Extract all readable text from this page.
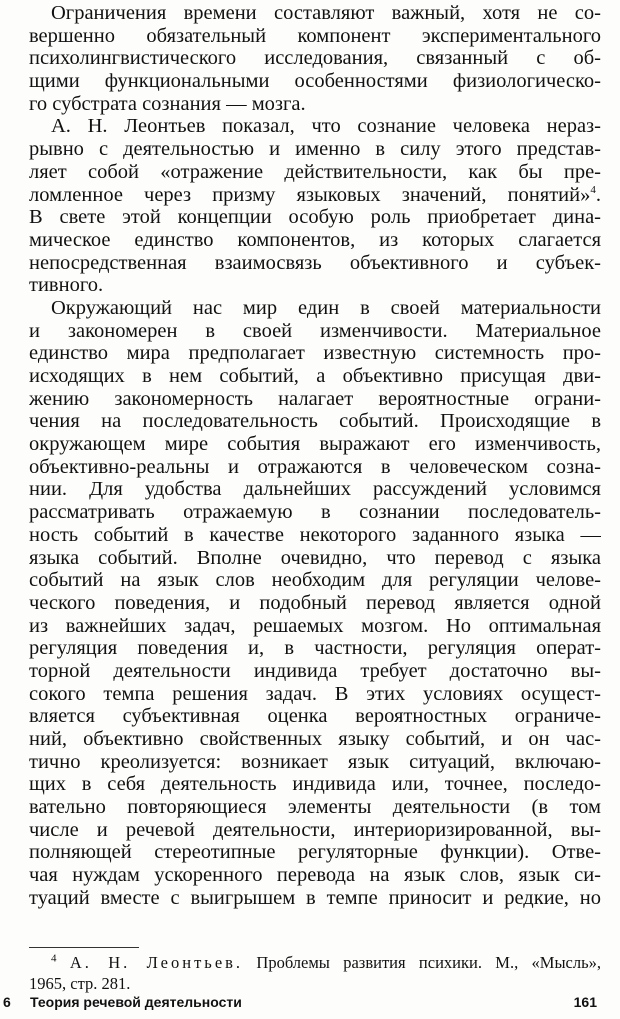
Ограничения времени составляют важный, хотя не со-
вершенно обязательный компонент экспериментального
психолингвистического исследования, связанный с об-
щими функциональными особенностями физиологическо-
го субстрата сознания — мозга.
А. Н. Леонтьев показал, что сознание человека нераз-
рывно с деятельностью и именно в силу этого представ-
ляет собой «отражение действительности, как бы пре-
ломленное через призму языковых значений, понятий»$^4$.
В свете этой концепции особую роль приобретает дина-
мическое единство компонентов, из которых слагается
непосредственная взаимосвязь объективного и субъек-
тивного.
Окружающий нас мир един в своей материальности
и закономерен в своей изменчивости. Материальное
единство мира предполагает известную системность про-
исходящих в нем событий, а объективно присущая дви-
жению закономерность налагает вероятностные ограни-
чения на последовательность событий. Происходящие в
окружающем мире события выражают его изменчивость,
объективно-реальны и отражаются в человеческом созна-
нии. Для удобства дальнейших рассуждений условимся
рассматривать отражаемую в сознании последователь-
ность событий в качестве некоторого заданного языка —
языка событий. Вполне очевидно, что перевод с языка
событий на язык слов необходим для регуляции челове-
ческого поведения, и подобный перевод является одной
из важнейших задач, решаемых мозгом. Но оптимальная
регуляция поведения и, в частности, регуляция операт-
торной деятельности индивида требует достаточно вы-
сокого темпа решения задач. В этих условиях осущест-
вляется субъективная оценка вероятностных ограниче-
ний, объективно свойственных языку событий, и он час-
тично креолизуется: возникает язык ситуаций, включаю-
щих в себя деятельность индивида или, точнее, последо-
вательно повторяющиеся элементы деятельности (в том
числе и речевой деятельности, интериоризированной, вы-
полняющей стереотипные регуляторные функции). Отве-
чая нуждам ускоренного перевода на язык слов, язык си-
туаций вместе с выигрышем в темпе приносит и редкие, но
$^4$ А. Н. Леонтьев. Проблемы развития психики. М., «Мысль»,
1965, стр. 281.
6 Теория речевой деятельности	161
